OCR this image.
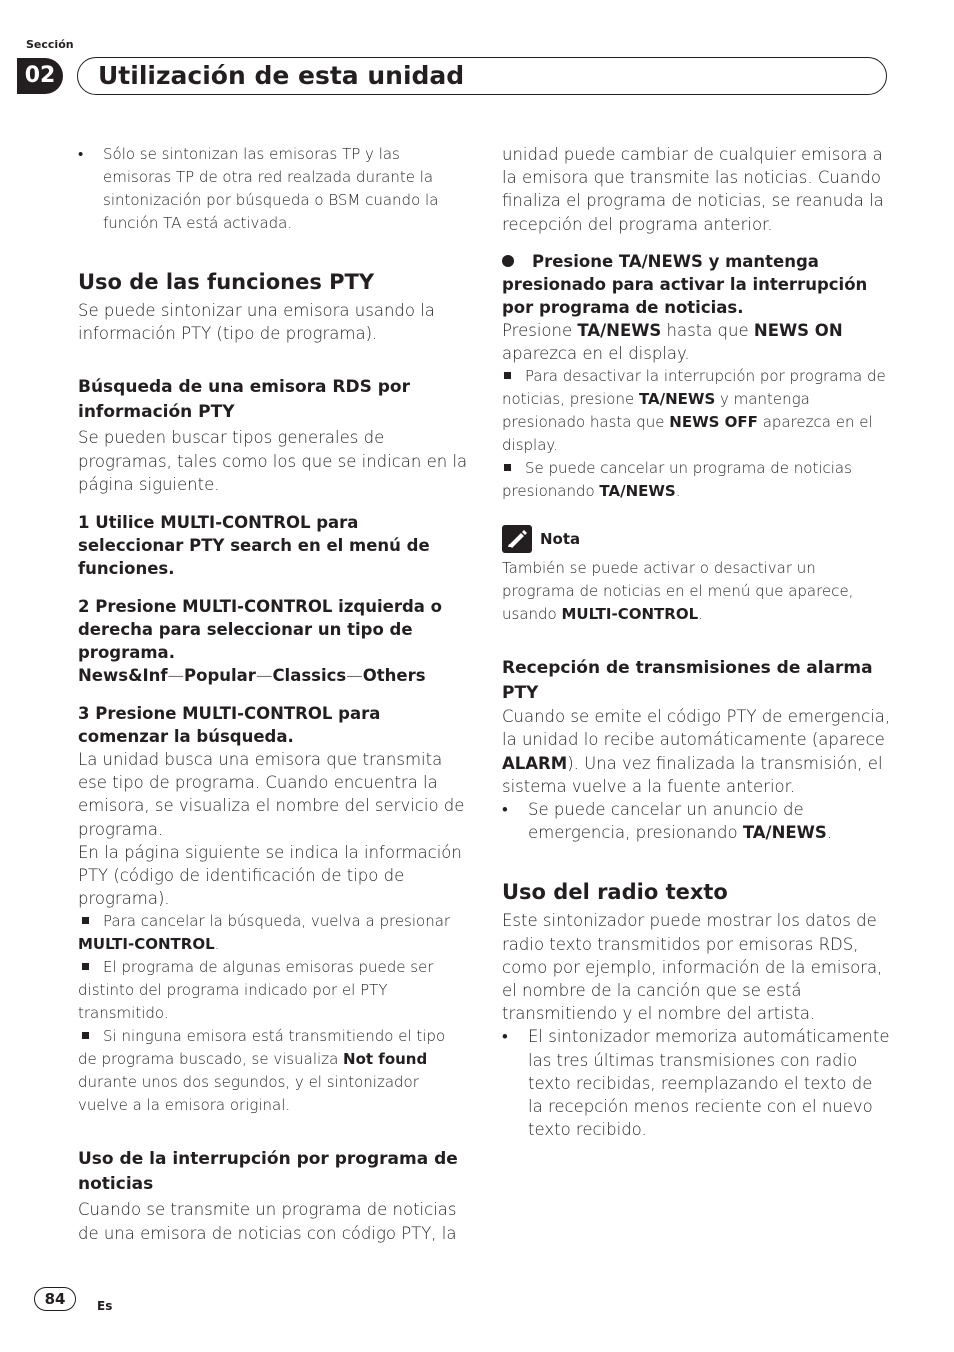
Sección
02	Utilización de esta unidad
•	Sólo se sintonizan las emisoras TP y las emisoras TP de otra red realzada durante la sintonización por búsqueda o BSM cuando la función TA está activada.

Uso de las funciones PTY

Se puede sintonizar una emisora usando la información PTY (tipo de programa).

Búsqueda de una emisora RDS por información PTY

Se pueden buscar tipos generales de programas, tales como los que se indican en la página siguiente.

1 Utilice MULTI-CONTROL para seleccionar PTY search en el menú de funciones.

2 Presione MULTI-CONTROL izquierda o derecha para seleccionar un tipo de programa.

News&Inf—Popular—Classics—Others

3 Presione MULTI-CONTROL para comenzar la búsqueda.

La unidad busca una emisora que transmita ese tipo de programa. Cuando encuentra la emisora, se visualiza el nombre del servicio de programa.

En la página siguiente se indica la información PTY (código de identificación de tipo de programa).

Para cancelar la búsqueda, vuelva a presionar MULTI-CONTROL.

El programa de algunas emisoras puede ser distinto del programa indicado por el PTY transmitido.

Si ninguna emisora está transmitiendo el tipo de programa buscado, se visualiza Not found durante unos dos segundos, y el sintonizador vuelve a la emisora original.

Uso de la interrupción por programa de noticias

Cuando se transmite un programa de noticias de una emisora de noticias con código PTY, la

unidad puede cambiar de cualquier emisora a la emisora que transmite las noticias. Cuando finaliza el programa de noticias, se reanuda la recepción del programa anterior.

Presione TA/NEWS y mantenga presionado para activar la interrupción por programa de noticias.

Presione TA/NEWS hasta que NEWS ON aparezca en el display.

Para desactivar la interrupción por programa de noticias, presione TA/NEWS y mantenga presionado hasta que NEWS OFF aparezca en el display.

Se puede cancelar un programa de noticias presionando TA/NEWS.

Nota

También se puede activar o desactivar un programa de noticias en el menú que aparece, usando MULTI-CONTROL.

Recepción de transmisiones de alarma PTY

Cuando se emite el código PTY de emergencia, la unidad lo recibe automáticamente (aparece ALARM). Una vez finalizada la transmisión, el sistema vuelve a la fuente anterior.

•	Se puede cancelar un anuncio de emergencia, presionando TA/NEWS.

Uso del radio texto

Este sintonizador puede mostrar los datos de radio texto transmitidos por emisoras RDS, como por ejemplo, información de la emisora, el nombre de la canción que se está transmitiendo y el nombre del artista.

•	El sintonizador memoriza automáticamente las tres últimas transmisiones con radio texto recibidas, reemplazando el texto de la recepción menos reciente con el nuevo texto recibido.
84	Es
